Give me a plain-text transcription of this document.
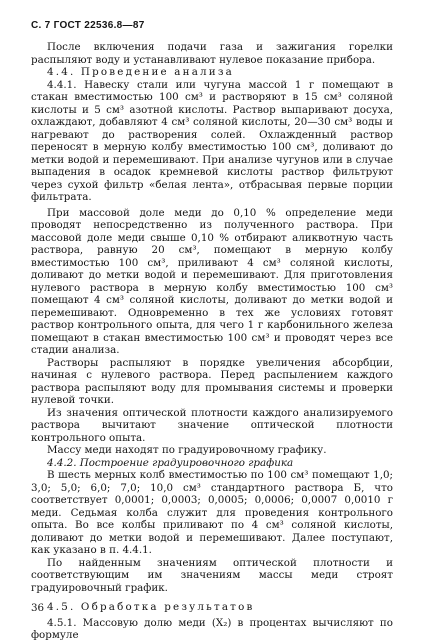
С. 7 ГОСТ 22536.8—87

После включения подачи газа и зажигания горелки распыляют воду и устанавливают нулевое показание прибора.

4.4. Проведение анализа

4.4.1. Навеску стали или чугуна массой 1 г помещают в стакан вместимостью 100 см³ и растворяют в 15 см³ соляной кислоты и 5 см³ азотной кислоты. Раствор выпаривают досуха, охлаждают, добавляют 4 см³ соляной кислоты, 20—30 см³ воды и нагревают до растворения солей. Охлажденный раствор переносят в мерную колбу вместимостью 100 см³, доливают до метки водой и перемешивают. При анализе чугунов или в случае выпадения в осадок кремневой кислоты раствор фильтруют через сухой фильтр «белая лента», отбрасывая первые порции фильтрата.

При массовой доле меди до 0,10 % определение меди проводят непосредственно из полученного раствора. При массовой доле меди свыше 0,10 % отбирают аликвотную часть раствора, равную 20 см³, помещают в мерную колбу вместимостью 100 см³, приливают 4 см³ соляной кислоты, доливают до метки водой и перемешивают. Для приготовления нулевого раствора в мерную колбу вместимостью 100 см³ помещают 4 см³ соляной кислоты, доливают до метки водой и перемешивают. Одновременно в тех же условиях готовят раствор контрольного опыта, для чего 1 г карбонильного железа помещают в стакан вместимостью 100 см³ и проводят через все стадии анализа.

Растворы распыляют в порядке увеличения абсорбции, начиная с нулевого раствора. Перед распылением каждого раствора распыляют воду для промывания системы и проверки нулевой точки.

Из значения оптической плотности каждого анализируемого раствора вычитают значение оптической плотности контрольного опыта.

Массу меди находят по градуировочному графику.

4.4.2. Построение градуировочного графика

В шесть мерных колб вместимостью по 100 см³ помещают 1,0; 3,0; 5,0; 6,0; 7,0; 10,0 см³ стандартного раствора Б, что соответствует 0,0001; 0,0003; 0,0005; 0,0006; 0,0007 0,0010 г меди. Седьмая колба служит для проведения контрольного опыта. Во все колбы приливают по 4 см³ соляной кислоты, доливают до метки водой и перемешивают. Далее поступают, как указано в п. 4.4.1.

По найденным значениям оптической плотности и соответствующим им значениям массы меди строят градуировочный график.

4.5. Обработка результатов

4.5.1. Массовую долю меди (X₂) в процентах вычисляют по формуле

36
